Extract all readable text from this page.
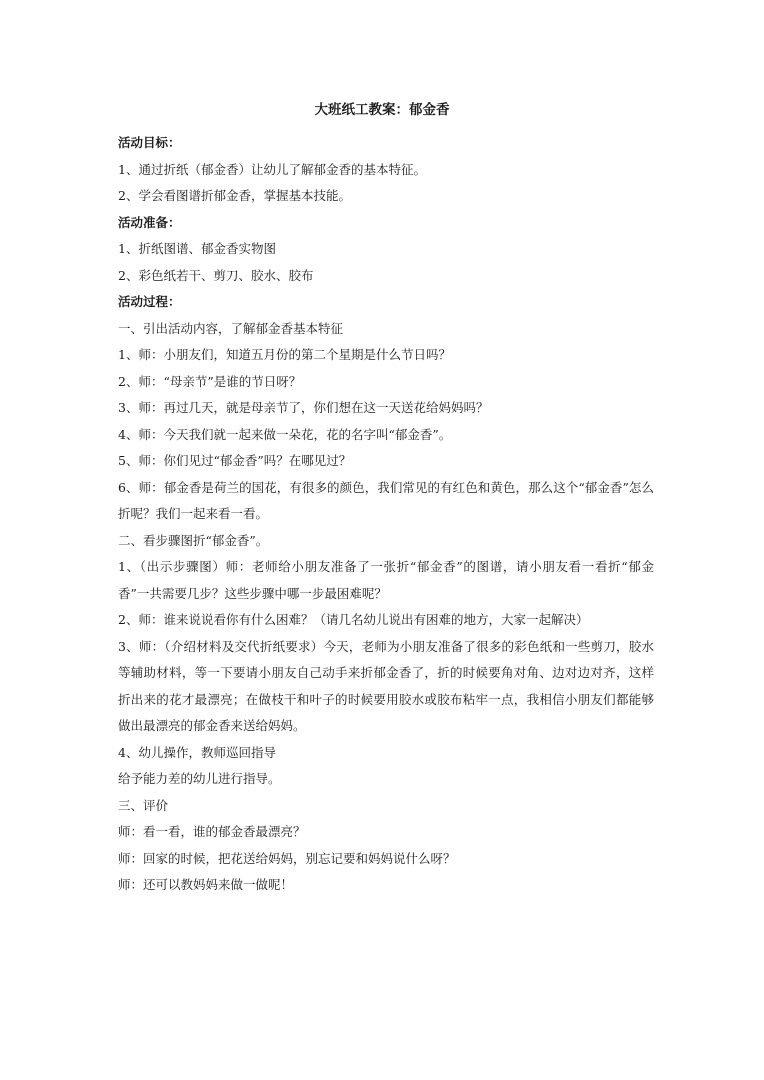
大班纸工教案：郁金香

活动目标：

1、通过折纸（郁金香）让幼儿了解郁金香的基本特征。

2、学会看图谱折郁金香，掌握基本技能。

活动准备：

1、折纸图谱、郁金香实物图

2、彩色纸若干、剪刀、胶水、胶布

活动过程：

一、引出活动内容，了解郁金香基本特征

1、师：小朋友们，知道五月份的第二个星期是什么节日吗？

2、师：“母亲节”是谁的节日呀？

3、师：再过几天，就是母亲节了，你们想在这一天送花给妈妈吗？

4、师：今天我们就一起来做一朵花，花的名字叫“郁金香”。

5、师：你们见过“郁金香”吗？在哪见过？

6、师：郁金香是荷兰的国花，有很多的颜色，我们常见的有红色和黄色，那么这个“郁金香”怎么折呢？我们一起来看一看。

二、看步骤图折“郁金香”。

1、（出示步骤图）师：老师给小朋友准备了一张折“郁金香”的图谱，请小朋友看一看折“郁金香”一共需要几步？这些步骤中哪一步最困难呢？

2、师：谁来说说看你有什么困难？（请几名幼儿说出有困难的地方，大家一起解决）

3、师：（介绍材料及交代折纸要求）今天，老师为小朋友准备了很多的彩色纸和一些剪刀，胶水等辅助材料，等一下要请小朋友自己动手来折郁金香了，折的时候要角对角、边对边对齐，这样折出来的花才最漂亮；在做枝干和叶子的时候要用胶水或胶布粘牢一点，我相信小朋友们都能够做出最漂亮的郁金香来送给妈妈。

4、幼儿操作，教师巡回指导

给予能力差的幼儿进行指导。

三、评价

师：看一看，谁的郁金香最漂亮？

师：回家的时候，把花送给妈妈，别忘记要和妈妈说什么呀？

师：还可以教妈妈来做一做呢！
